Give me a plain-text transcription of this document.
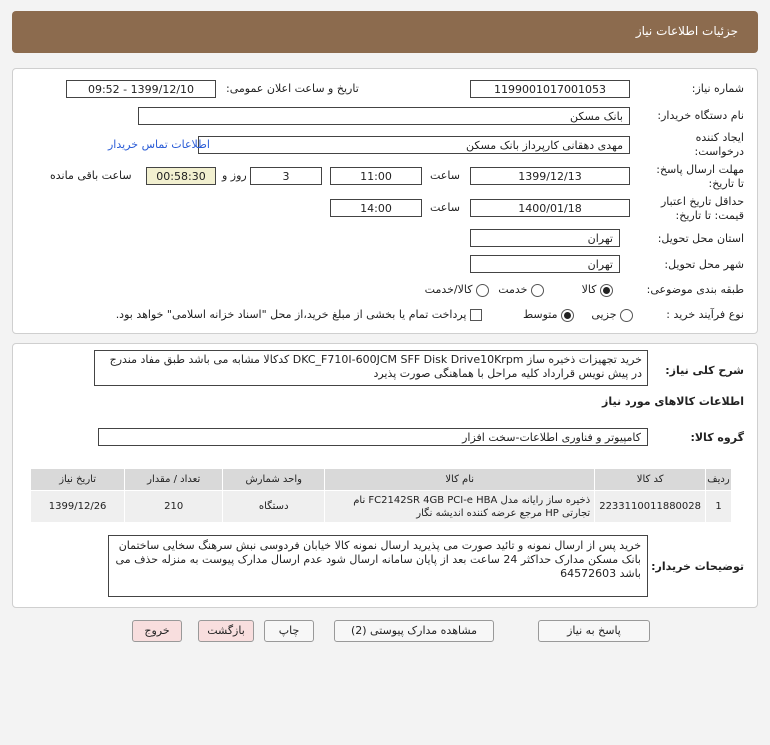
جزئیات اطلاعات نیاز
شماره نیاز:
1199001017001053
تاریخ و ساعت اعلان عمومی:
1399/12/10 - 09:52
نام دستگاه خریدار:
بانک مسکن
ایجاد کننده درخواست:
مهدی دهقانی کارپرداز بانک مسکن
اطلاعات تماس خریدار
مهلت ارسال پاسخ: تا تاریخ:
1399/12/13
ساعت
11:00
3
روز و
00:58:30
ساعت باقی مانده
حداقل تاریخ اعتبار قیمت: تا تاریخ:
1400/01/18
ساعت
14:00
استان محل تحویل:
تهران
شهر محل تحویل:
تهران
طبقه بندی موضوعی:
کالا
خدمت
کالا/خدمت
نوع فرآیند خرید :
جزیی
متوسط
پرداخت تمام یا بخشی از مبلغ خرید،از محل "اسناد خزانه اسلامی" خواهد بود.
شرح کلی نیاز:
خرید تجهیزات ذخیره ساز DKC_F710I-600JCM SFF Disk Drive10Krpm کدکالا مشابه می باشد طبق مفاد مندرج در پیش نویس قرارداد کلیه مراحل با هماهنگی صورت پذیرد
اطلاعات کالاهای مورد نیاز
گروه کالا:
کامپیوتر و فناوری اطلاعات-سخت افزار
ردیف	کد کالا	نام کالا	واحد شمارش	تعداد / مقدار	تاریخ نیاز
1	2233110011880028	ذخیره ساز رایانه مدل FC2142SR 4GB PCI-e HBA نام تجارتی HP مرجع عرضه کننده اندیشه نگار	دستگاه	210	1399/12/26
توضیحات خریدار:
خرید پس از ارسال نمونه و تائید صورت می پذیرید ارسال نمونه کالا خیابان فردوسی نبش سرهنگ سخایی ساختمان بانک مسکن مدارک حداکثر 24 ساعت بعد از پایان سامانه ارسال شود عدم ارسال مدارک پیوست به منزله حذف می باشد 64572603
پاسخ به نیاز
مشاهده مدارک پیوستی (2)
چاپ
بازگشت
خروج
